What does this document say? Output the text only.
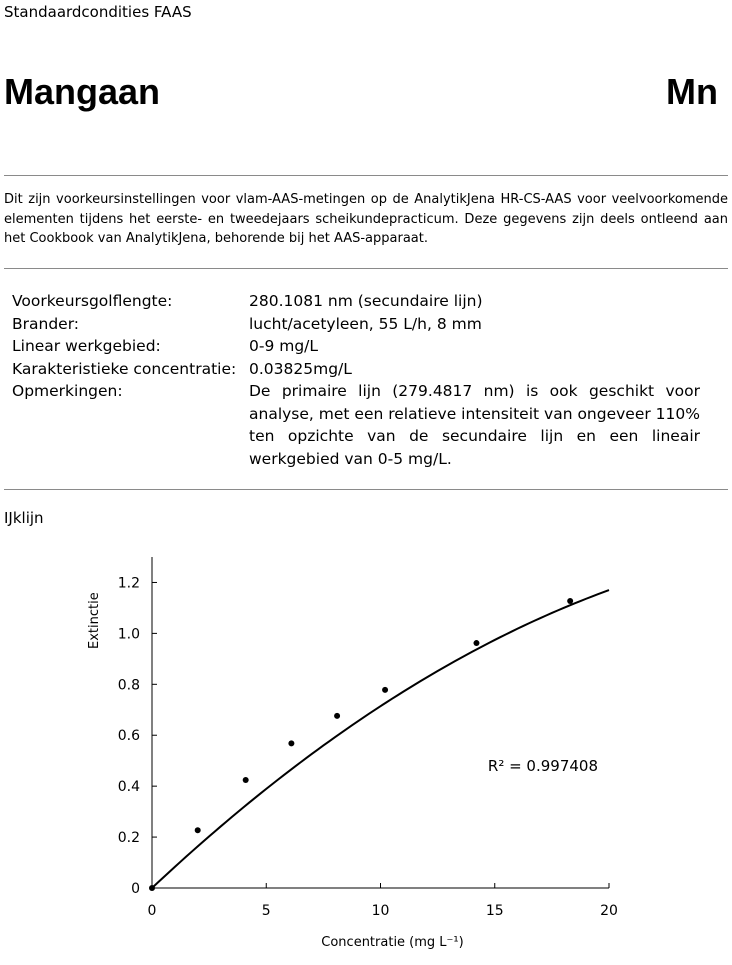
Standaardcondities FAAS
Mangaan	Mn
Dit zijn voorkeursinstellingen voor vlam-AAS-metingen op de AnalytikJena HR-CS-AAS voor veelvoorkomende elementen tijdens het eerste- en tweedejaars scheikundepracticum. Deze gegevens zijn deels ontleend aan het Cookbook van AnalytikJena, behorende bij het AAS-apparaat.
Voorkeursgolflengte:	280.1081 nm (secundaire lijn)
Brander:	lucht/acetyleen, 55 L/h, 8 mm
Linear werkgebied:	0-9 mg/L
Karakteristieke concentratie: 0.03825mg/L
Opmerkingen:	De primaire lijn (279.4817 nm) is ook geschikt voor analyse, met een relatieve intensiteit van ongeveer 110% ten opzichte van de secundaire lijn en een lineair werkgebied van 0-5 mg/L.
IJklijn
0	5	10	15	20
0
0.2
0.4
0.6
0.8
1.0
1.2
R² = 0.997408
Concentratie (mg L⁻¹)
Extinctie
